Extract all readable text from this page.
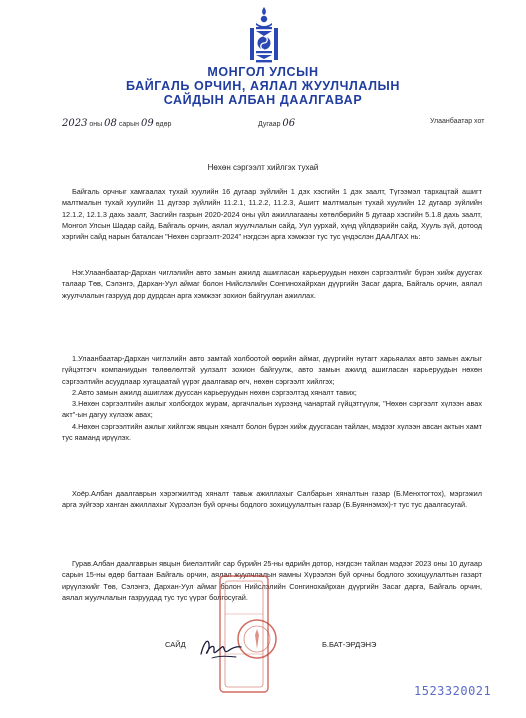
МОНГОЛ УЛСЫН
БАЙГАЛЬ ОРЧИН, АЯЛАЛ ЖУУЛЧЛАЛЫН
САЙДЫН АЛБАН ДААЛГАВАР
2023 оны 08 сарын 09 өдөр	Дугаар 06	Улаанбаатар хот
Нөхөн сэргээлт хийлгэх тухай

Байгаль орчныг хамгаалах тухай хуулийн 16 дугаар зүйлийн 1 дэх хэсгийн 1 дэх заалт, Түгээмэл тархацтай ашигт малтмалын тухай хуулийн 11 дүгээр зүйлийн 11.2.1, 11.2.2, 11.2.3, Ашигт малтмалын тухай хуулийн 12 дугаар зүйлийн 12.1.2, 12.1.3 дахь заалт, Засгийн газрын 2020-2024 оны үйл ажиллагааны хөтөлбөрийн 5 дугаар хэсгийн 5.1.8 дахь заалт, Монгол Улсын Шадар сайд, Байгаль орчин, аялал жуулчлалын сайд, Уул уурхай, хүнд үйлдвэрийн сайд, Хууль зүй, дотоод хэргийн сайд нарын баталсан "Нөхөн сэргээлт-2024" нэгдсэн арга хэмжээг тус тус үндэслэн ДААЛГАХ нь:

Нэг.Улаанбаатар-Дархан чиглэлийн авто замын ажилд ашигласан карьеруудын нөхөн сэргээлтийг бүрэн хийж дуусгах талаар Төв, Сэлэнгэ, Дархан-Уул аймаг болон Нийслэлийн Сонгинохайрхан дүүргийн Засаг дарга, Байгаль орчин, аялал жуулчлалын газрууд дор дурдсан арга хэмжээг зохион байгуулан ажиллах.

1.Улаанбаатар-Дархан чиглэлийн авто замтай холбоотой өөрийн аймаг, дүүргийн нутагт харьяалах авто замын ажлыг гүйцэтгэгч компаниудын төлөөлөлтэй уулзалт зохион байгуулж, авто замын ажилд ашигласан карьеруудын нөхөн сэргээлтийн асуудлаар хугацаатай үүрэг даалгавар өгч, нөхөн сэргээлт хийлгэх;

2.Авто замын ажилд ашиглаж дууссан карьеруудын нөхөн сэргээлтэд хяналт тавих;

3.Нөхөн сэргээлтийн ажлыг холбогдох журам, аргачлалын хүрээнд чанартай гүйцэтгүүлж, "Нөхөн сэргээлт хүлээн авах акт"-ын дагуу хүлээж авах;

4.Нөхөн сэргээлтийн ажлыг хийлгэж явцын хяналт болон бүрэн хийж дуусгасан тайлан, мэдээг хүлээн авсан актын хамт тус яаманд ирүүлэх.

Хоёр.Албан даалгаврын хэрэгжилтэд хяналт тавьж ажиллахыг Салбарын хяналтын газар (Б.Менхтогтох), мэргэжил арга зүйгээр ханган ажиллахыг Хүрээлэн буй орчны бодлого зохицуулалтын газар (Б.Буяннэмэх)-т тус тус даалгасугай.

Гурав.Албан даалгаврын явцын биелэлтийг сар бүрийн 25-ны өдрийн дотор, нэгдсэн тайлан мэдээг 2023 оны 10 дугаар сарын 15-ны өдөр багтаан Байгаль орчин, аялал жуулчлалын яамны Хүрээлэн буй орчны бодлого зохицуулалтын газарт ирүүлэхийг Төв, Сэлэнгэ, Дархан-Уул аймаг болон Нийслэлийн Сонгинохайрхан дүүргийн Засаг дарга, Байгаль орчин, аялал жуулчлалын газруудад тус тус үүрэг болгосугай.

САЙД	Б.БАТ-ЭРДЭНЭ
1523320021
